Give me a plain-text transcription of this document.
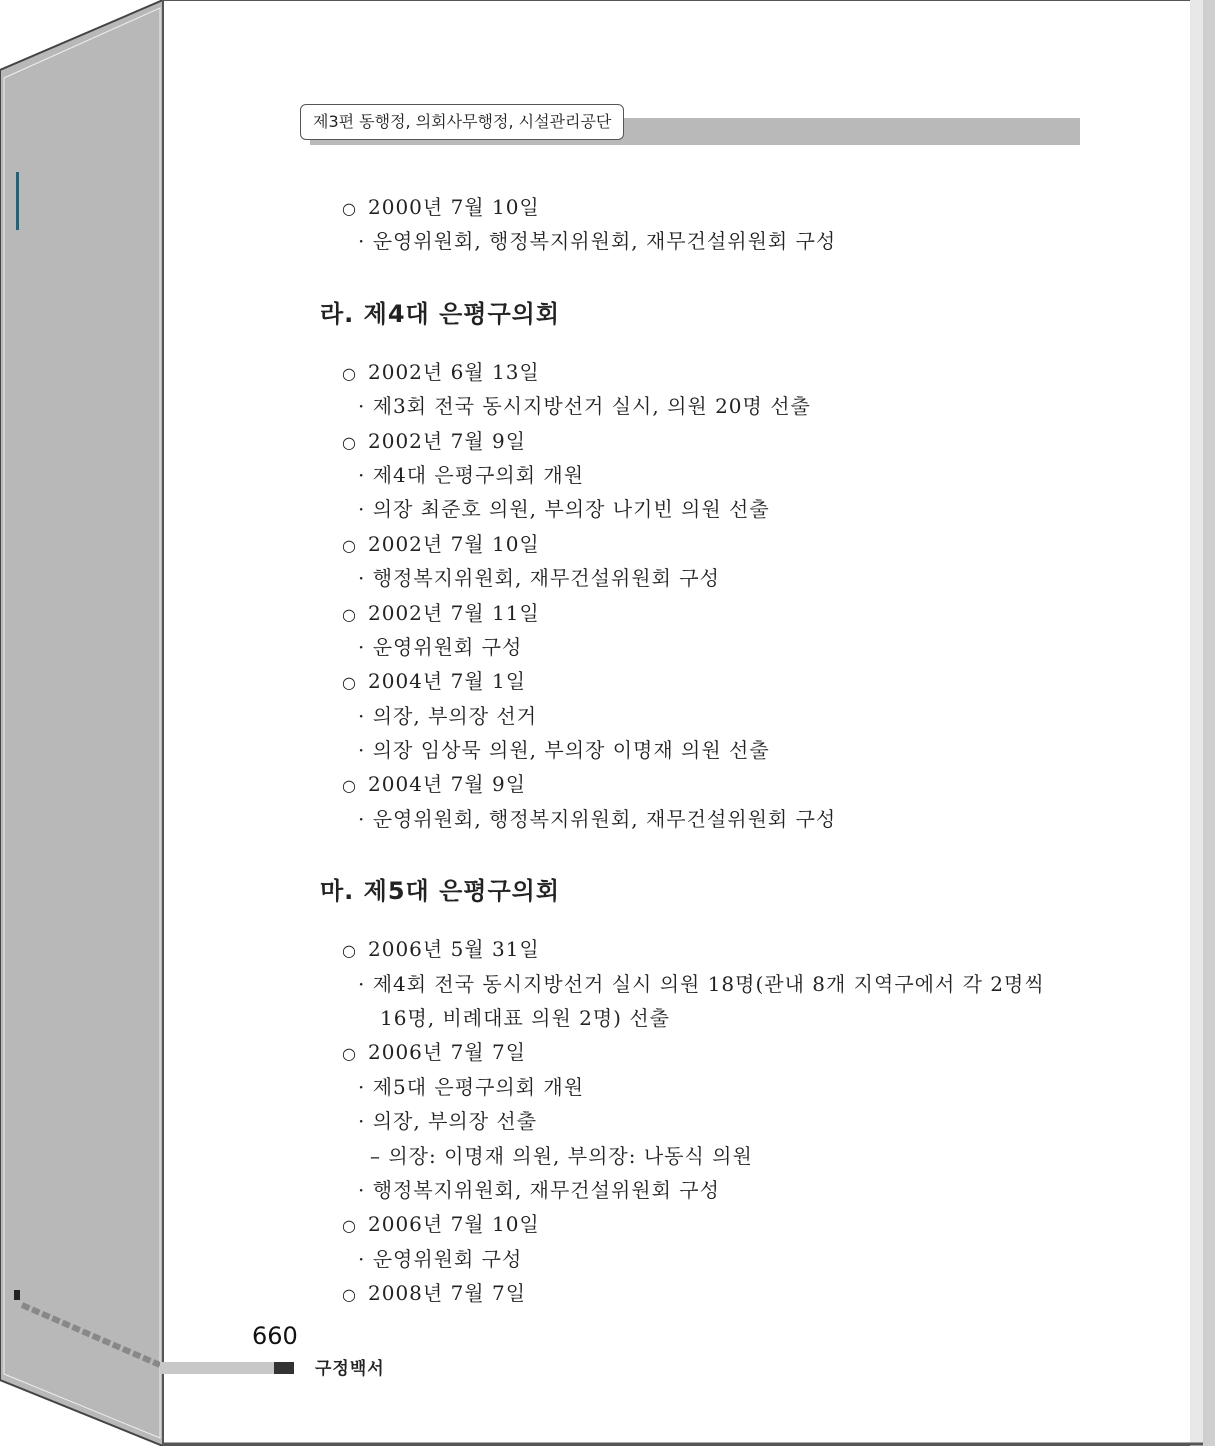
제3편 동행정, 의회사무행정, 시설관리공단
○ 2000년 7월 10일
· 운영위원회, 행정복지위원회, 재무건설위원회 구성
라. 제4대 은평구의회
○ 2002년 6월 13일
· 제3회 전국 동시지방선거 실시, 의원 20명 선출
○ 2002년 7월 9일
· 제4대 은평구의회 개원
· 의장 최준호 의원, 부의장 나기빈 의원 선출
○ 2002년 7월 10일
· 행정복지위원회, 재무건설위원회 구성
○ 2002년 7월 11일
· 운영위원회 구성
○ 2004년 7월 1일
· 의장, 부의장 선거
· 의장 임상묵 의원, 부의장 이명재 의원 선출
○ 2004년 7월 9일
· 운영위원회, 행정복지위원회, 재무건설위원회 구성
마. 제5대 은평구의회
○ 2006년 5월 31일
· 제4회 전국 동시지방선거 실시 의원 18명(관내 8개 지역구에서 각 2명씩
16명, 비례대표 의원 2명) 선출
○ 2006년 7월 7일
· 제5대 은평구의회 개원
· 의장, 부의장 선출
– 의장: 이명재 의원, 부의장: 나동식 의원
· 행정복지위원회, 재무건설위원회 구성
○ 2006년 7월 10일
· 운영위원회 구성
○ 2008년 7월 7일
660
구정백서
